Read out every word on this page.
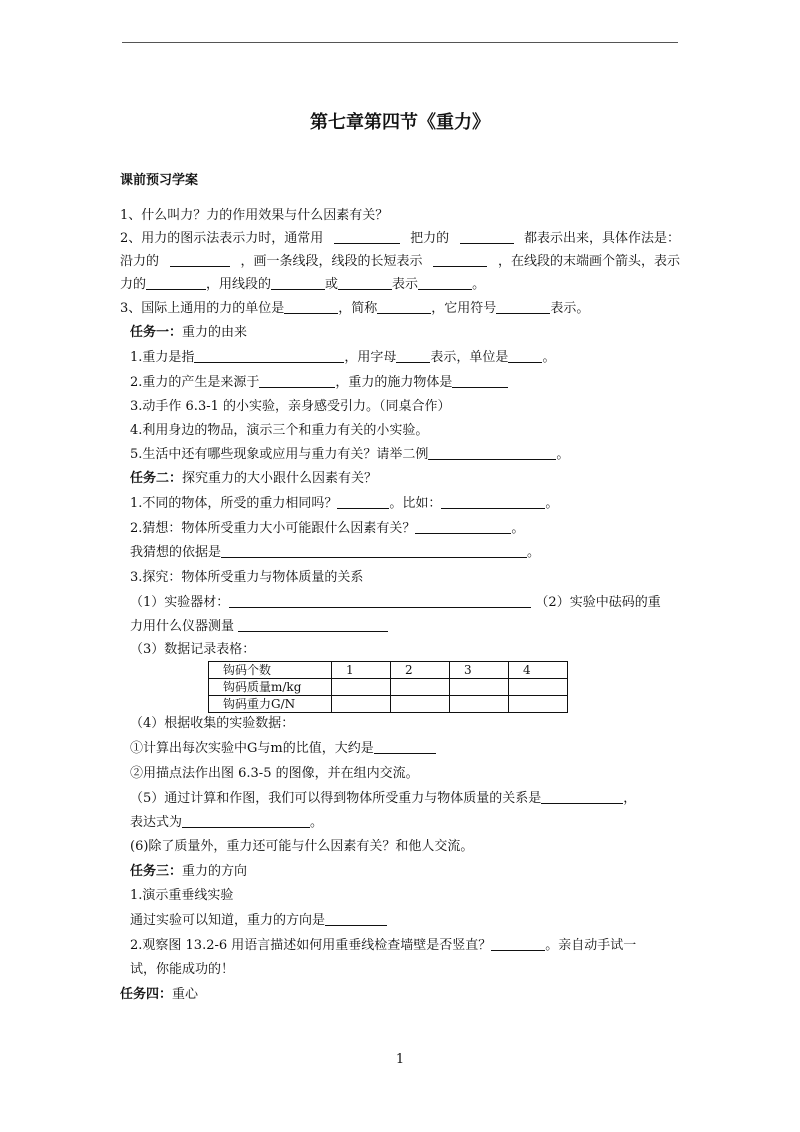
第七章第四节《重力》
课前预习学案
1、什么叫力？力的作用效果与什么因素有关？
2、用力的图示法表示力时，通常用	把力的	都表示出来，具体作法是：
沿力的	，画一条线段，线段的长短表示	，在线段的末端画个箭头，表示
力的	，用线段的	或	表示	。
3、国际上通用的力的单位是	，简称	，它用符号	表示。
任务一：重力的由来
1.重力是指	，用字母	表示，单位是	。
2.重力的产生是来源于	，重力的施力物体是
3.动手作 6.3-1 的小实验，亲身感受引力。（同桌合作）
4.利用身边的物品，演示三个和重力有关的小实验。
5.生活中还有哪些现象或应用与重力有关？请举二例	。
任务二：探究重力的大小跟什么因素有关？
1.不同的物体，所受的重力相同吗？	。比如：	。
2.猜想：物体所受重力大小可能跟什么因素有关？	。
我猜想的依据是	。
3.探究：物体所受重力与物体质量的关系
（1）实验器材：	（2）实验中砝码的重
力用什么仪器测量
（3）数据记录表格：
钩码个数	1	2	3	4
钩码质量m/kg				
钩码重力G/N				
（4）根据收集的实验数据：
①计算出每次实验中G与m的比值，大约是
②用描点法作出图 6.3-5 的图像，并在组内交流。
（5）通过计算和作图，我们可以得到物体所受重力与物体质量的关系是	，
表达式为	。
(6)除了质量外，重力还可能与什么因素有关？和他人交流。
任务三：重力的方向
1.演示重垂线实验
通过实验可以知道，重力的方向是
2.观察图 13.2-6 用语言描述如何用重垂线检查墙壁是否竖直？	。亲自动手试一
试，你能成功的！
任务四：重心
1
